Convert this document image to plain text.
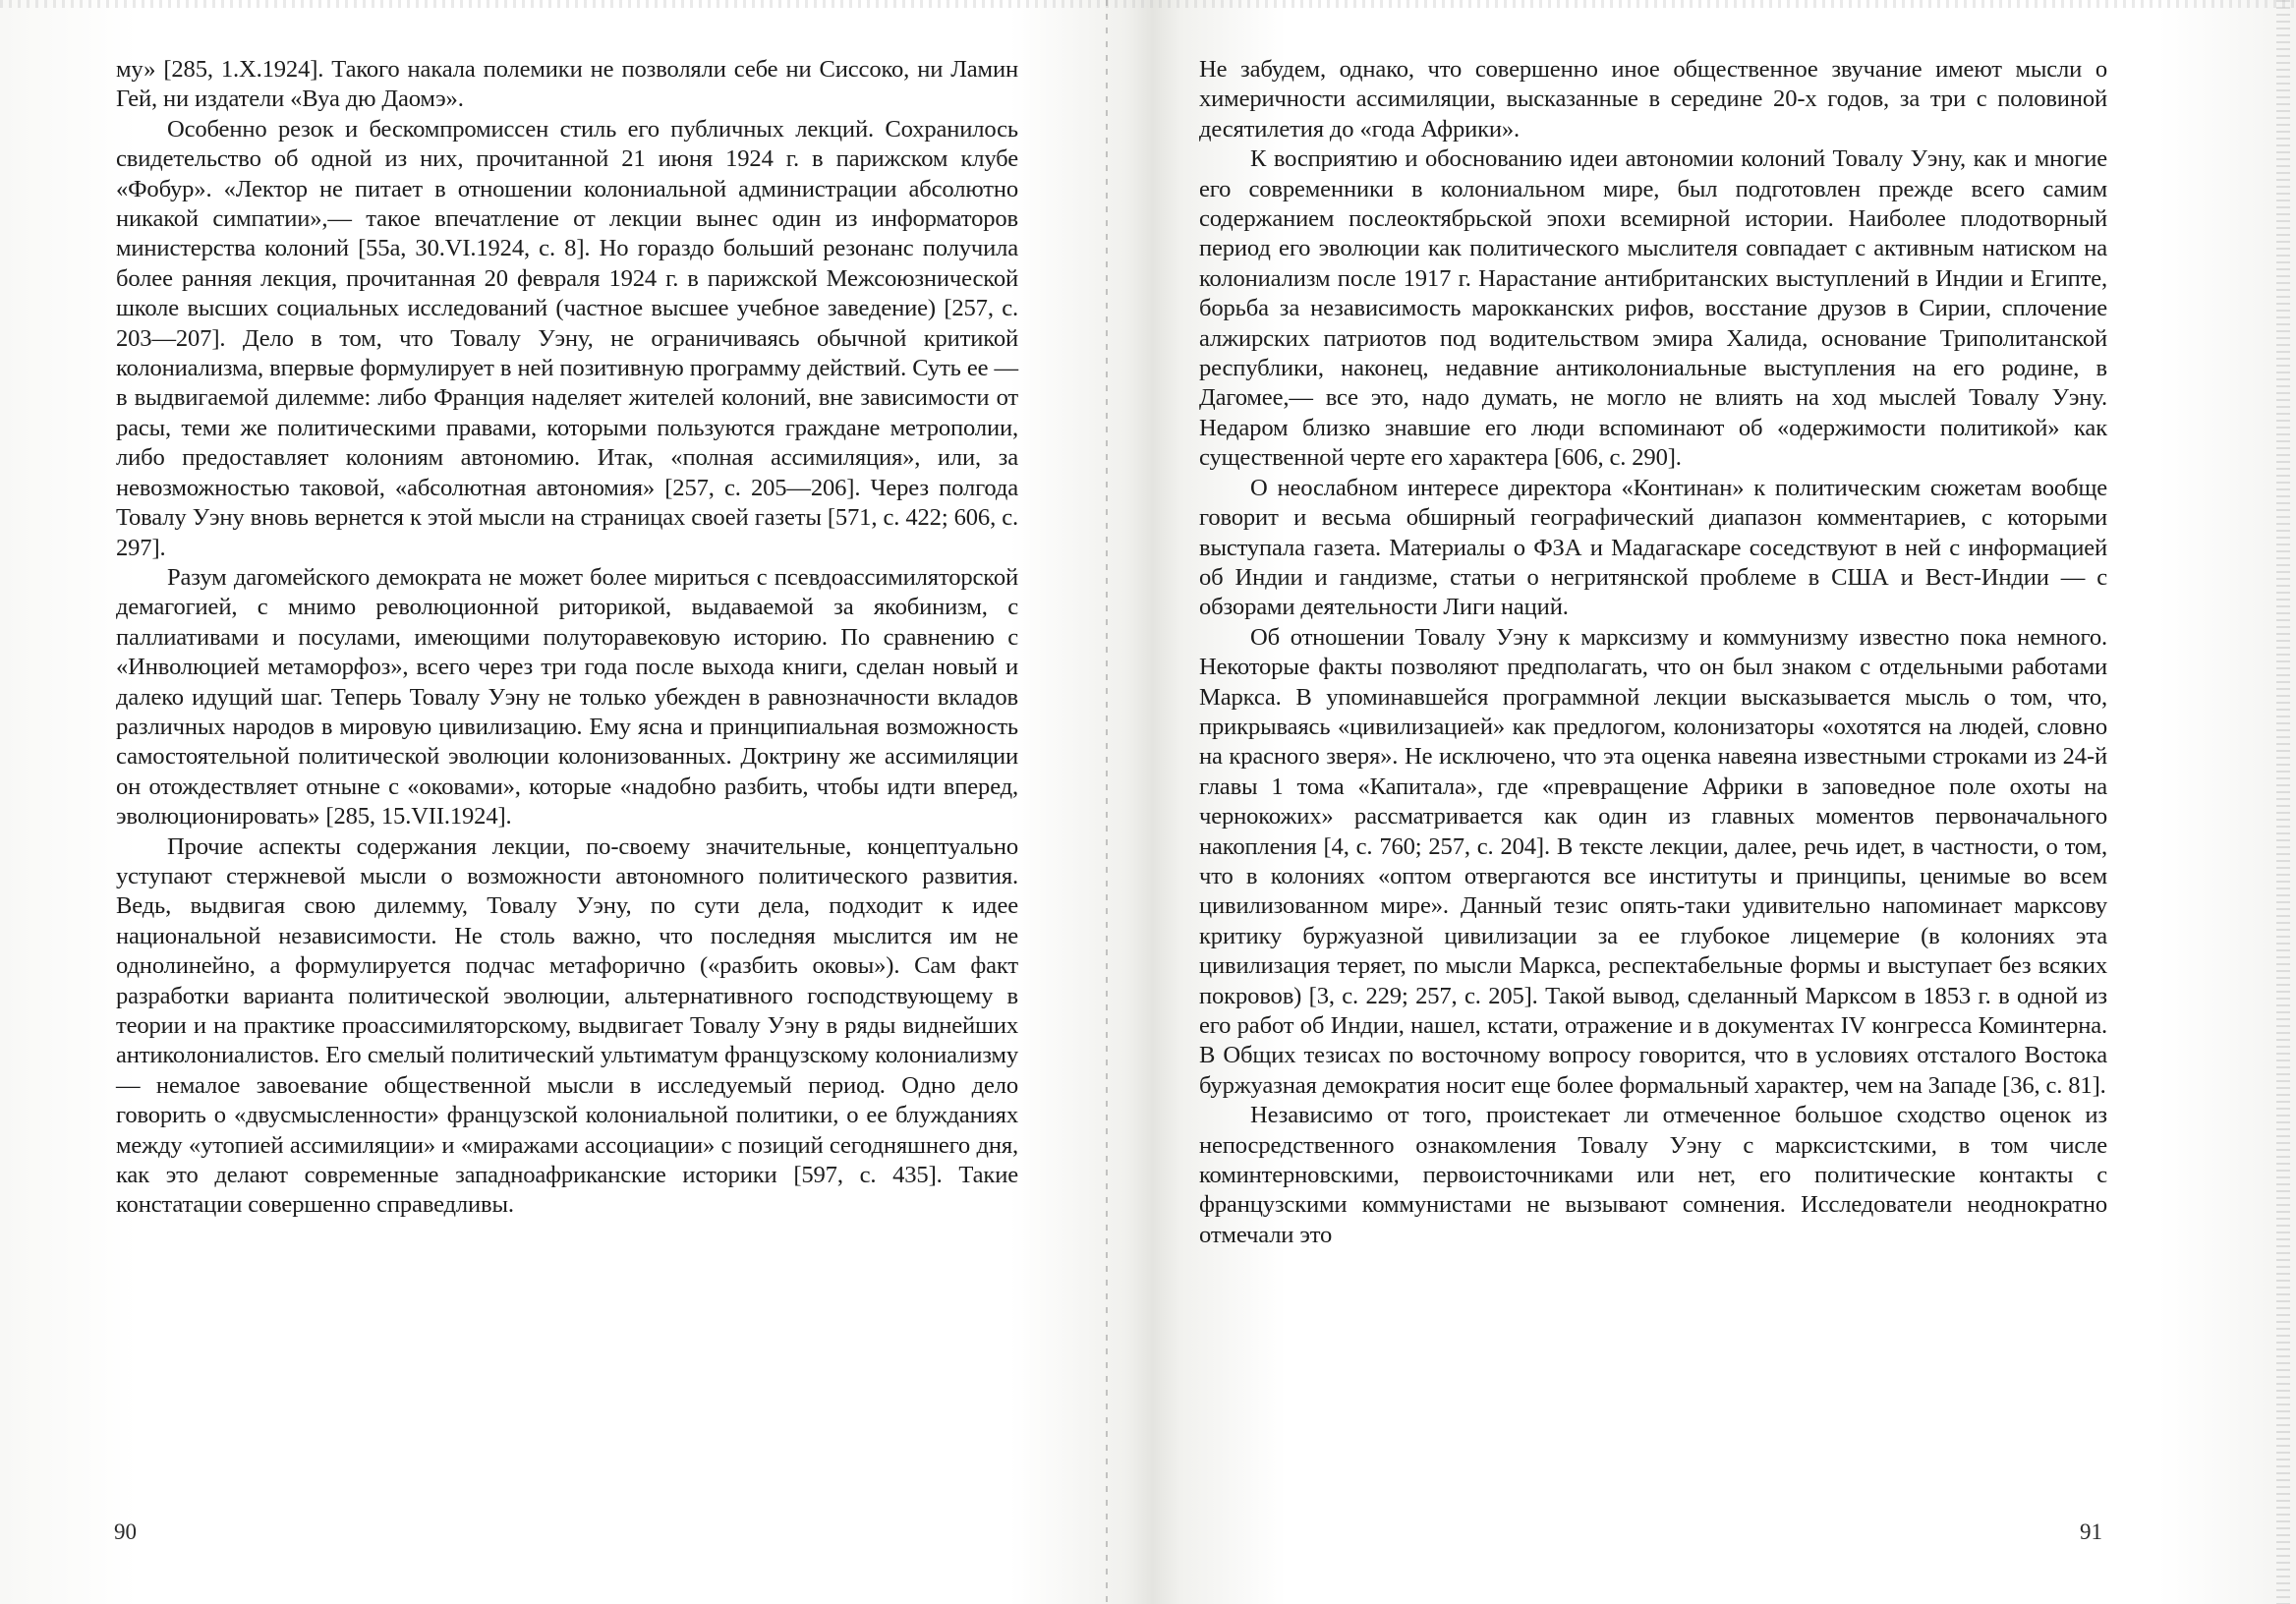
му» [285, 1.X.1924]. Такого накала полемики не позволяли себе ни Сиссоко, ни Ламин Гей, ни издатели «Вуа дю Даомэ».

Особенно резок и бескомпромиссен стиль его публичных лекций. Сохранилось свидетельство об одной из них, прочитанной 21 июня 1924 г. в парижском клубе «Фобур». «Лектор не питает в отношении колониальной администрации абсолютно никакой симпатии»,— такое впечатление от лекции вынес один из информаторов министерства колоний [55а, 30.VI.1924, с. 8]. Но гораздо больший резонанс получила более ранняя лекция, прочитанная 20 февраля 1924 г. в парижской Межсоюзнической школе высших социальных исследований (частное высшее учебное заведение) [257, с. 203—207]. Дело в том, что Товалу Уэну, не ограничиваясь обычной критикой колониализма, впервые формулирует в ней позитивную программу действий. Суть ее — в выдвигаемой дилемме: либо Франция наделяет жителей колоний, вне зависимости от расы, теми же политическими правами, которыми пользуются граждане метрополии, либо предоставляет колониям автономию. Итак, «полная ассимиляция», или, за невозможностью таковой, «абсолютная автономия» [257, с. 205—206]. Через полгода Товалу Уэну вновь вернется к этой мысли на страницах своей газеты [571, с. 422; 606, с. 297].

Разум дагомейского демократа не может более мириться с псевдоассимиляторской демагогией, с мнимо революционной риторикой, выдаваемой за якобинизм, с паллиативами и посулами, имеющими полуторавековую историю. По сравнению с «Инволюцией метаморфоз», всего через три года после выхода книги, сделан новый и далеко идущий шаг. Теперь Товалу Уэну не только убежден в равнозначности вкладов различных народов в мировую цивилизацию. Ему ясна и принципиальная возможность самостоятельной политической эволюции колонизованных. Доктрину же ассимиляции он отождествляет отныне с «оковами», которые «надобно разбить, чтобы идти вперед, эволюционировать» [285, 15.VII.1924].

Прочие аспекты содержания лекции, по-своему значительные, концептуально уступают стержневой мысли о возможности автономного политического развития. Ведь, выдвигая свою дилемму, Товалу Уэну, по сути дела, подходит к идее национальной независимости. Не столь важно, что последняя мыслится им не однолинейно, а формулируется подчас метафорично («разбить оковы»). Сам факт разработки варианта политической эволюции, альтернативного господствующему в теории и на практике проассимиляторскому, выдвигает Товалу Уэну в ряды виднейших антиколониалистов. Его смелый политический ультиматум французскому колониализму — немалое завоевание общественной мысли в исследуемый период. Одно дело говорить о «двусмысленности» французской колониальной политики, о ее блужданиях между «утопией ассимиляции» и «миражами ассоциации» с позиций сегодняшнего дня, как это делают современные западноафриканские историки [597, с. 435]. Такие констатации совершенно справедливы.

90

Не забудем, однако, что совершенно иное общественное звучание имеют мысли о химеричности ассимиляции, высказанные в середине 20-х годов, за три с половиной десятилетия до «года Африки».

К восприятию и обоснованию идеи автономии колоний Товалу Уэну, как и многие его современники в колониальном мире, был подготовлен прежде всего самим содержанием послеоктябрьской эпохи всемирной истории. Наиболее плодотворный период его эволюции как политического мыслителя совпадает с активным натиском на колониализм после 1917 г. Нарастание антибританских выступлений в Индии и Египте, борьба за независимость марокканских рифов, восстание друзов в Сирии, сплочение алжирских патриотов под водительством эмира Халида, основание Триполитанской республики, наконец, недавние антиколониальные выступления на его родине, в Дагомее,— все это, надо думать, не могло не влиять на ход мыслей Товалу Уэну. Недаром близко знавшие его люди вспоминают об «одержимости политикой» как существенной черте его характера [606, с. 290].

О неослабном интересе директора «Континан» к политическим сюжетам вообще говорит и весьма обширный географический диапазон комментариев, с которыми выступала газета. Материалы о ФЗА и Мадагаскаре соседствуют в ней с информацией об Индии и гандизме, статьи о негритянской проблеме в США и Вест-Индии — с обзорами деятельности Лиги наций.

Об отношении Товалу Уэну к марксизму и коммунизму известно пока немного. Некоторые факты позволяют предполагать, что он был знаком с отдельными работами Маркса. В упоминавшейся программной лекции высказывается мысль о том, что, прикрываясь «цивилизацией» как предлогом, колонизаторы «охотятся на людей, словно на красного зверя». Не исключено, что эта оценка навеяна известными строками из 24-й главы 1 тома «Капитала», где «превращение Африки в заповедное поле охоты на чернокожих» рассматривается как один из главных моментов первоначального накопления [4, с. 760; 257, с. 204]. В тексте лекции, далее, речь идет, в частности, о том, что в колониях «оптом отвергаются все институты и принципы, ценимые во всем цивилизованном мире». Данный тезис опять-таки удивительно напоминает марксову критику буржуазной цивилизации за ее глубокое лицемерие (в колониях эта цивилизация теряет, по мысли Маркса, респектабельные формы и выступает без всяких покровов) [3, с. 229; 257, с. 205]. Такой вывод, сделанный Марксом в 1853 г. в одной из его работ об Индии, нашел, кстати, отражение и в документах IV конгресса Коминтерна. В Общих тезисах по восточному вопросу говорится, что в условиях отсталого Востока буржуазная демократия носит еще более формальный характер, чем на Западе [36, с. 81].

Независимо от того, проистекает ли отмеченное большое сходство оценок из непосредственного ознакомления Товалу Уэну с марксистскими, в том числе коминтерновскими, первоисточниками или нет, его политические контакты с французскими коммунистами не вызывают сомнения. Исследователи неоднократно отмечали это

91
